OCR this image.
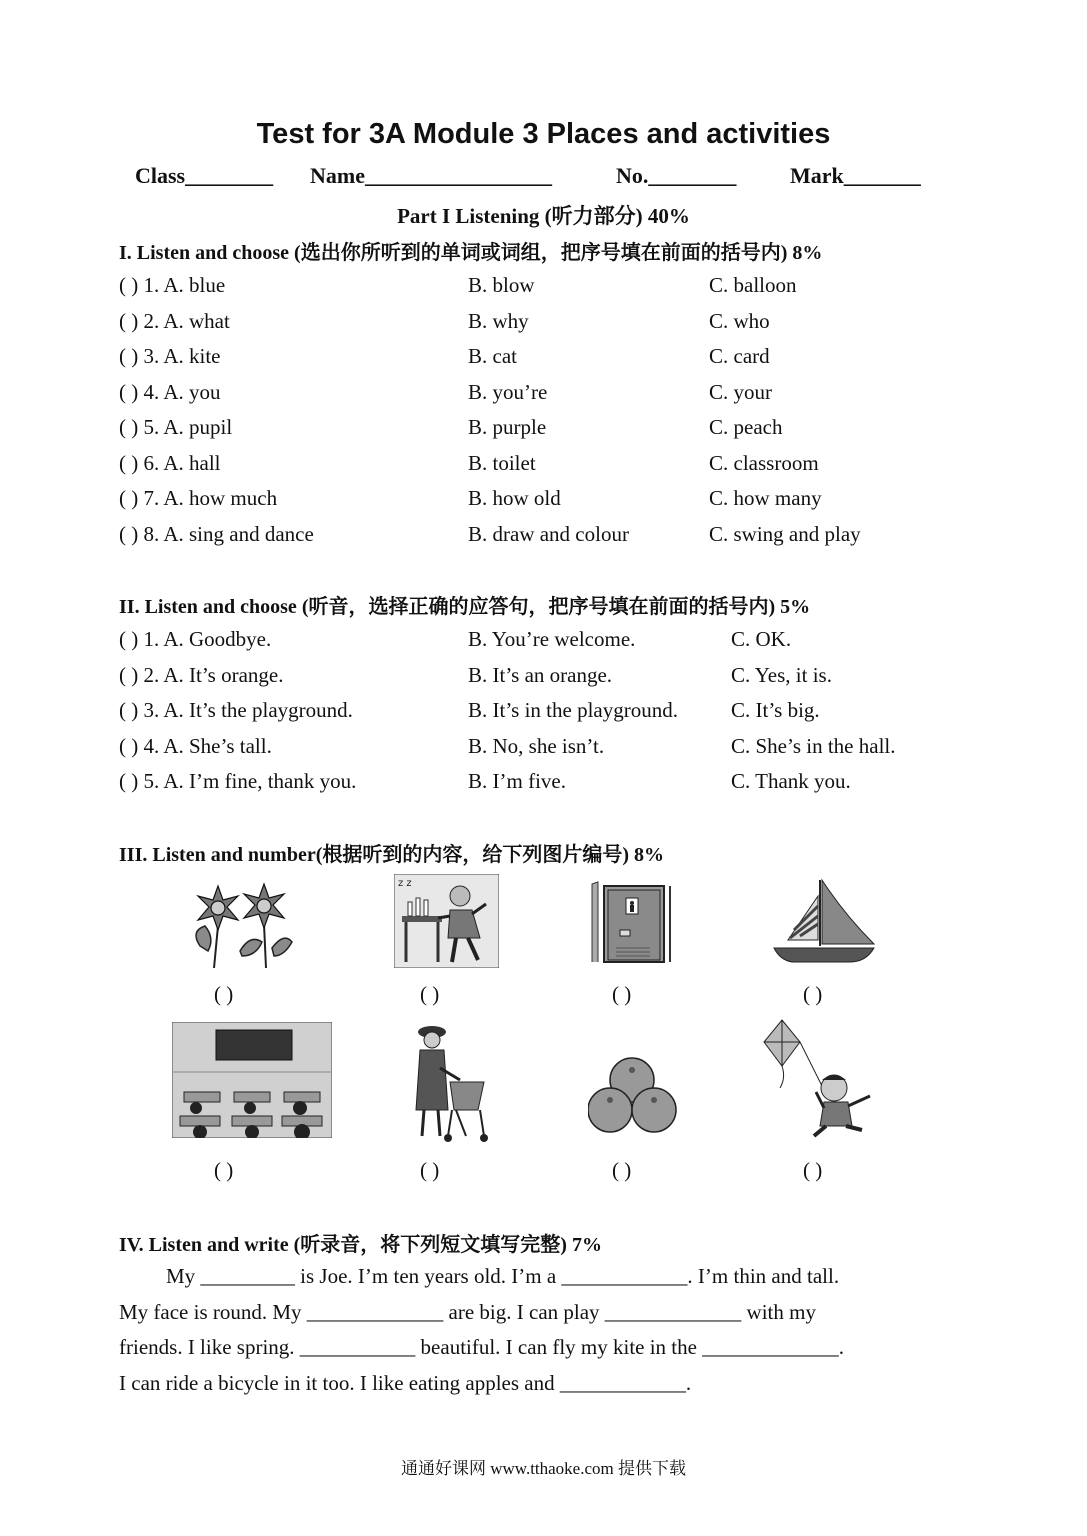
Test for 3A Module 3 Places and activities
Class________ Name_________________	No.________ Mark_______
Part I Listening (听力部分) 40%
I. Listen and choose (选出你所听到的单词或词组，把序号填在前面的括号内) 8%
( ) 1. A. blue	B. blow	C. balloon
( ) 2. A. what	B. why	C. who
( ) 3. A. kite	B. cat	C. card
( ) 4. A. you	B. you’re	C. your
( ) 5. A. pupil	B. purple	C. peach
( ) 6. A. hall	B. toilet	C. classroom
( ) 7. A. how much	B. how old	C. how many
( ) 8. A. sing and dance	B. draw and colour	C. swing and play
II. Listen and choose (听音，选择正确的应答句，把序号填在前面的括号内) 5%
( ) 1. A. Goodbye.	B. You’re welcome.	C. OK.
( ) 2. A. It’s orange.	B. It’s an orange.	C. Yes, it is.
( ) 3. A. It’s the playground.	B. It’s in the playground.	C. It’s big.
( ) 4. A. She’s tall.	B. No, she isn’t.	C. She’s in the hall.
( ) 5. A. I’m fine, thank you.	B. I’m five.	C. Thank you.
III. Listen and number(根据听到的内容，给下列图片编号) 8%
z z
( )	( )	( )	( )
( )	( )	( )	( )
IV. Listen and write (听录音，将下列短文填写完整) 7%
My _________ is Joe. I’m ten years old. I’m a ____________. I’m thin and tall.
My face is round. My _____________ are big. I can play _____________ with my
friends. I like spring. ___________ beautiful. I can fly my kite in the _____________.
I can ride a bicycle in it too. I like eating apples and ____________.
通通好课网 www.tthaoke.com 提供下载
